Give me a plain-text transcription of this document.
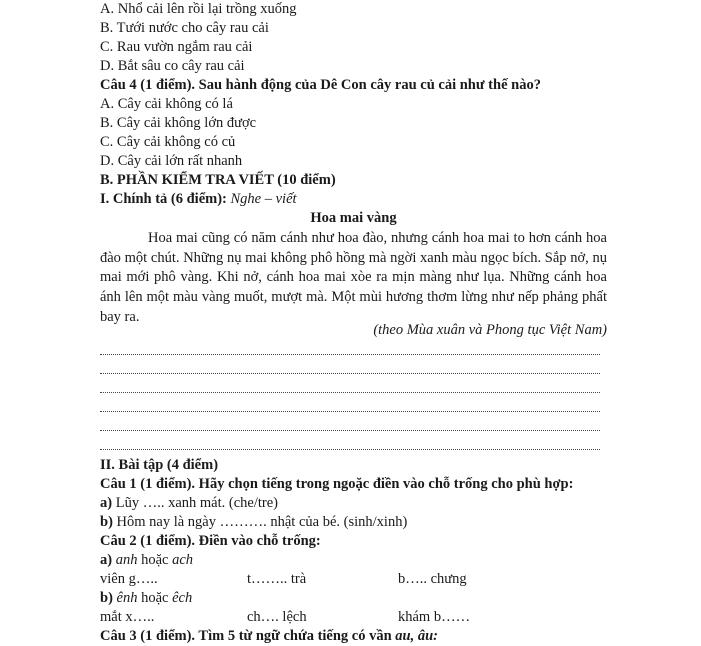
A. Nhổ cải lên rồi lại trồng xuống
B. Tưới nước cho cây rau cải
C. Rau vườn ngắm rau cải
D. Bắt sâu co cây rau cải
Câu 4 (1 điểm). Sau hành động của Dê Con cây rau củ cải như thế nào?
A. Cây cải không có lá
B. Cây cải không lớn được
C. Cây cải không có củ
D. Cây cải lớn rất nhanh
B. PHẦN KIỂM TRA VIẾT (10 điểm)
I. Chính tả (6 điểm): Nghe – viết
Hoa mai vàng
Hoa mai cũng có năm cánh như hoa đào, nhưng cánh hoa mai to hơn cánh hoa đào một chút. Những nụ mai không phô hồng mà ngời xanh màu ngọc bích. Sắp nở, nụ mai mới phô vàng. Khi nở, cánh hoa mai xòe ra mịn màng như lụa. Những cánh hoa ánh lên một màu vàng muốt, mượt mà. Một mùi hương thơm lừng như nếp phảng phất bay ra.
(theo Mùa xuân và Phong tục Việt Nam)
II. Bài tập (4 điểm)
Câu 1 (1 điểm). Hãy chọn tiếng trong ngoặc điền vào chỗ trống cho phù hợp:
a) Lũy ….. xanh mát. (che/tre)
b) Hôm nay là ngày ………. nhật của bé. (sinh/xinh)
Câu 2 (1 điểm). Điền vào chỗ trống:
a) anh hoặc ach
viên g…..	t…….. trà	b….. chưng
b) ênh hoặc êch
mắt x…..	ch…. lệch	khám b……
Câu 3 (1 điểm). Tìm 5 từ ngữ chứa tiếng có vần au, âu:
